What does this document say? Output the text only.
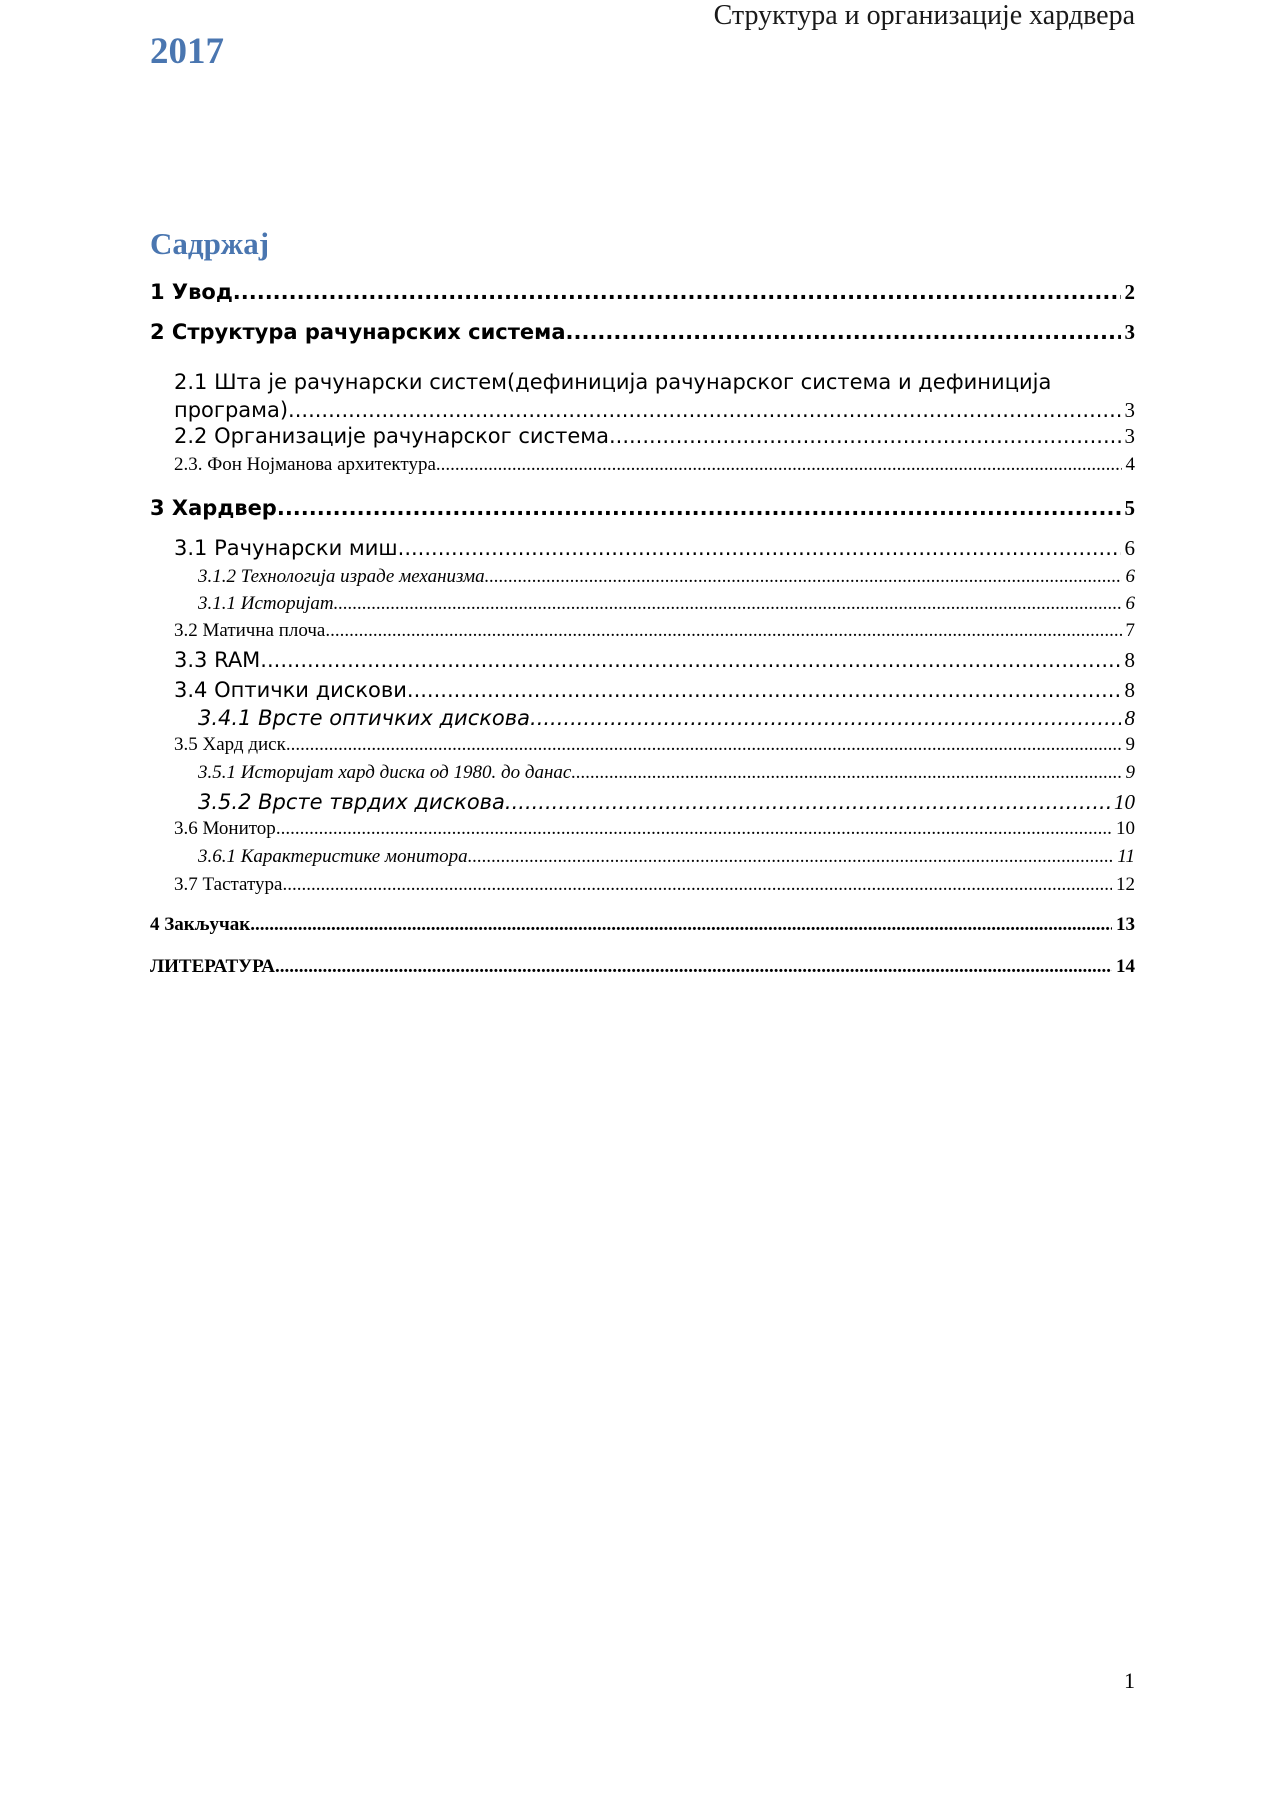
Структура и организације хардвера
2017
Садржај
1 Увод .....	2
2 Структура рачунарских система .....	3
2.1 Шта је рачунарски систем(дефиниција рачунарског система и дефиниција
програма) .....	3
2.2 Организације рачунарског система .....	3
2.3. Фон Нојманова архитектура .....	4
3 Хардвер .....	5
3.1 Рачунарски миш .....	6
3.1.2 Технологија израде механизма .....	6
3.1.1 Историјат .....	6
3.2 Матична плоча .....	7
3.3 RAM .....	8
3.4 Оптички дискови .....	8
3.4.1 Врсте оптичких дискова .....	8
3.5 Хард диск .....	9
3.5.1 Историјат хард диска од 1980. до данас .....	9
3.5.2 Врсте тврдих дискова .....	10
3.6 Монитор .....	10
3.6.1 Карактеристике монитора .....	11
3.7 Тастатура .....	12
4 Закључак .....	13
ЛИТЕРАТУРА .....	14
1
